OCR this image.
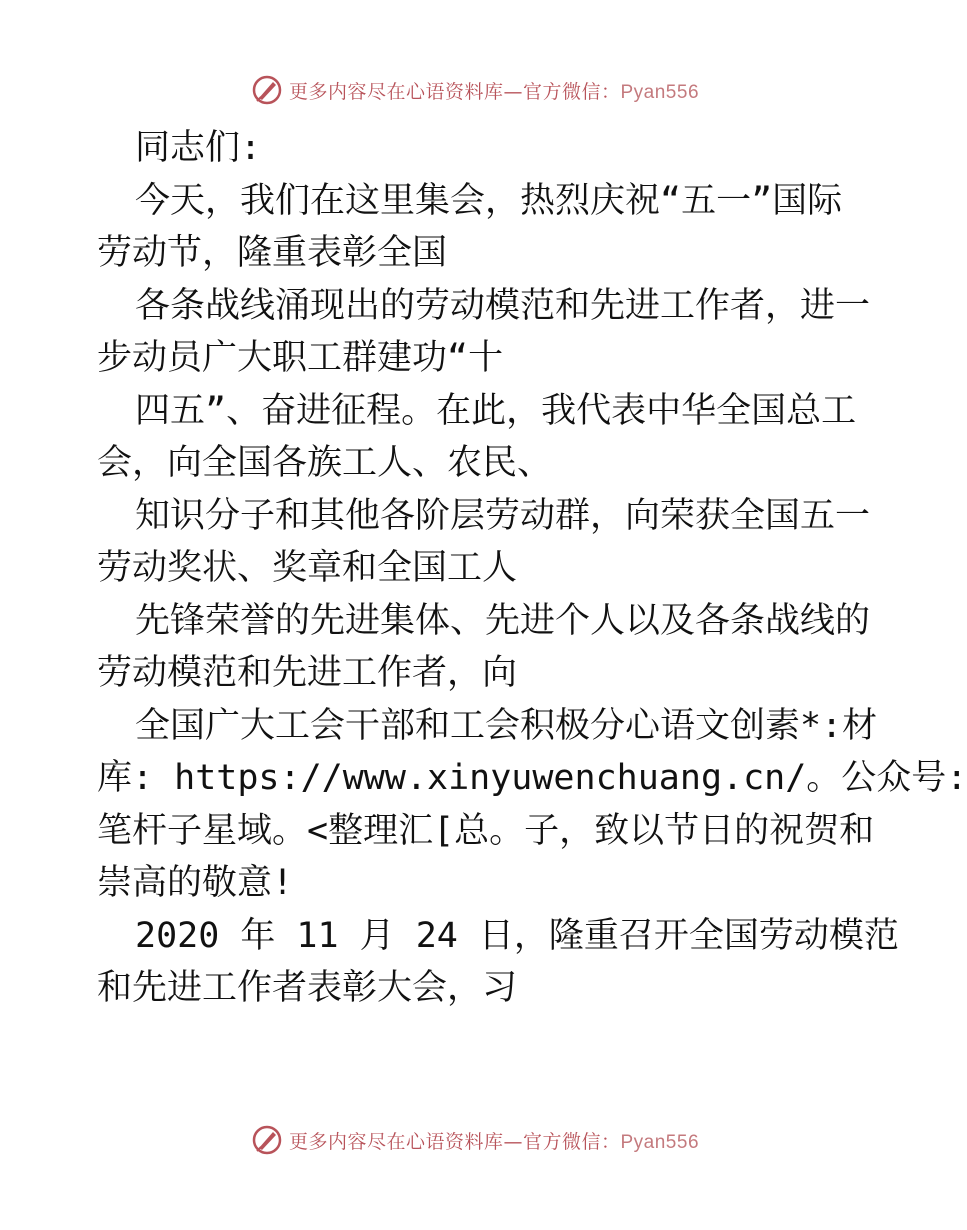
更多内容尽在心语资料库—官方微信：Pyan556
同志们:
今天，我们在这里集会，热烈庆祝“五一”国际
劳动节，隆重表彰全国
各条战线涌现出的劳动模范和先进工作者，进一
步动员广大职工群建功“十
四五”、奋进征程。在此，我代表中华全国总工
会，向全国各族工人、农民、
知识分子和其他各阶层劳动群，向荣获全国五一
劳动奖状、奖章和全国工人
先锋荣誉的先进集体、先进个人以及各条战线的
劳动模范和先进工作者，向
全国广大工会干部和工会积极分心语文创素*:材
库: https://www.xinyuwenchuang.cn/。公众号:
笔杆子星域。<整理汇[总。子，致以节日的祝贺和
崇高的敬意!
2020 年 11 月 24 日，隆重召开全国劳动模范
和先进工作者表彰大会，习
更多内容尽在心语资料库—官方微信：Pyan556
